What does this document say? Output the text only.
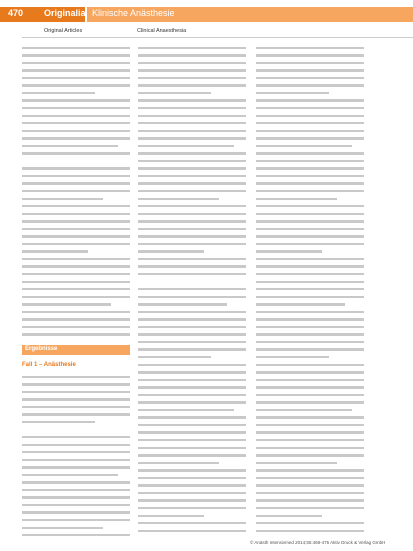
470 Originalia Klinische Anästhesie
Original Articles	Clinical Anaesthesia
Ergebnisse
Fall 1 – Anästhesie
© Anästh Intensivmed 2014;55:468-475 Aktiv Druck & Verlag GmbH
